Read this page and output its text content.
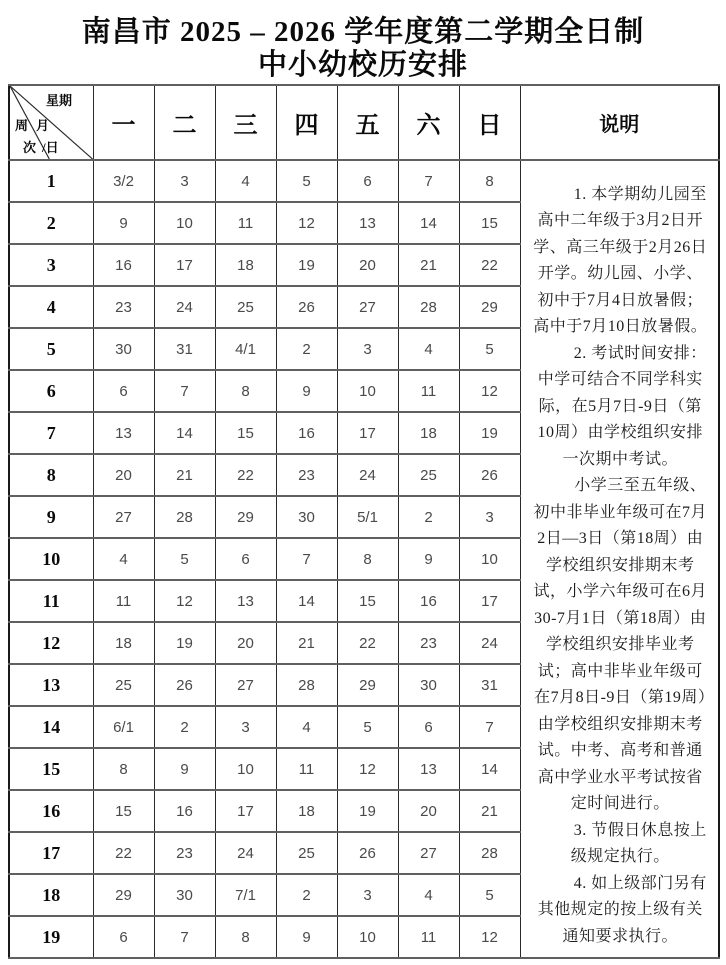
南昌市 2025 – 2026 学年度第二学期全日制
中小幼校历安排
星期
月
/日
周
次	一	二	三	四	五	六	日	说明
1	3/2	3	4	5	6	7	8	1. 本学期幼儿园至高中二年级于3月2日开学、高三年级于2月26日开学。幼儿园、小学、初中于7月4日放暑假；高中于7月10日放暑假。

2. 考试时间安排：中学可结合不同学科实际，在5月7日-9日（第10周）由学校组织安排一次期中考试。

小学三至五年级、初中非毕业年级可在7月2日—3日（第18周）由学校组织安排期末考试，小学六年级可在6月30-7月1日（第18周）由学校组织安排毕业考试；高中非毕业年级可在7月8日-9日（第19周）由学校组织安排期末考试。中考、高考和普通高中学业水平考试按省定时间进行。

3. 节假日休息按上级规定执行。

4. 如上级部门另有其他规定的按上级有关通知要求执行。

2	9	10	11	12	13	14	15	
3	16	17	18	19	20	21	22	
4	23	24	25	26	27	28	29	
5	30	31	4/1	2	3	4	5	
6	6	7	8	9	10	11	12	
7	13	14	15	16	17	18	19	
8	20	21	22	23	24	25	26	
9	27	28	29	30	5/1	2	3	
10	4	5	6	7	8	9	10	
11	11	12	13	14	15	16	17	
12	18	19	20	21	22	23	24	
13	25	26	27	28	29	30	31	
14	6/1	2	3	4	5	6	7	
15	8	9	10	11	12	13	14	
16	15	16	17	18	19	20	21	
17	22	23	24	25	26	27	28	
18	29	30	7/1	2	3	4	5	
19	6	7	8	9	10	11	12	
